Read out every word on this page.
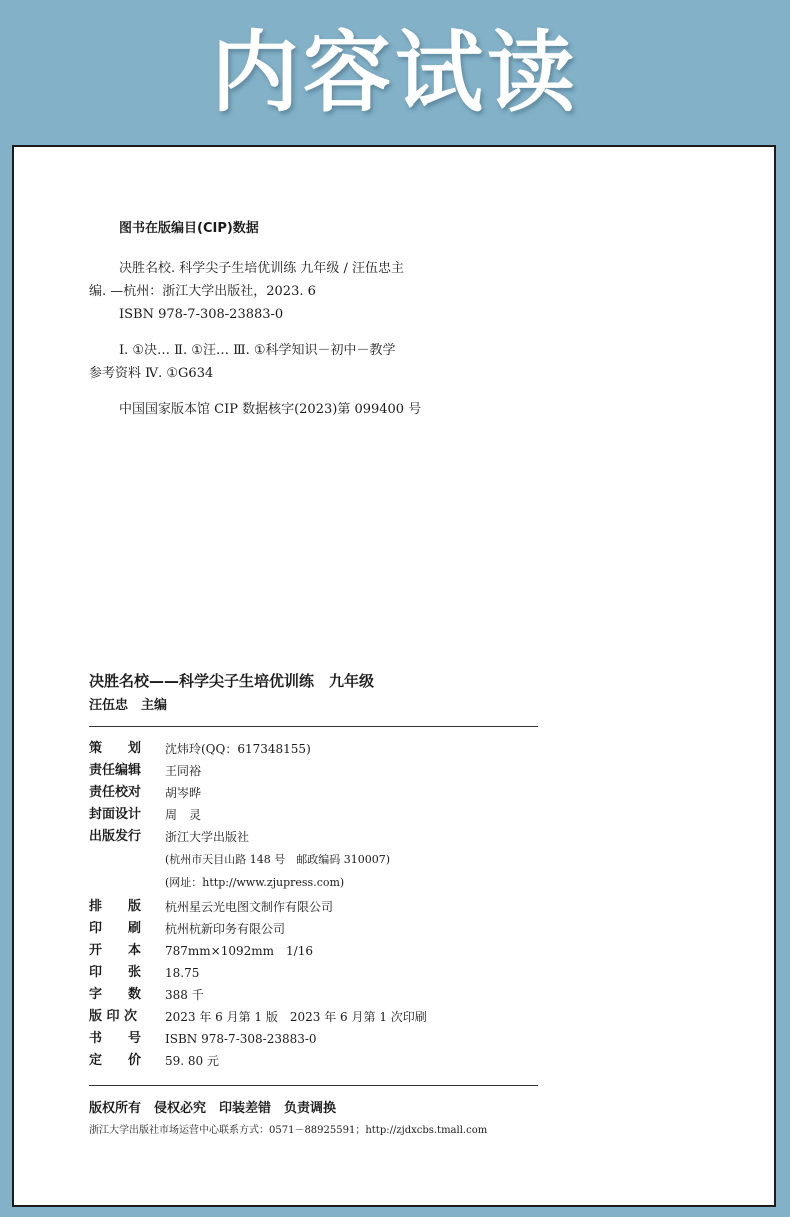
内容试读
图书在版编目(CIP)数据
决胜名校. 科学尖子生培优训练 九年级 / 汪伍忠主
编. —杭州：浙江大学出版社，2023. 6
ISBN 978-7-308-23883-0
Ⅰ. ①决… Ⅱ. ①汪… Ⅲ. ①科学知识－初中－教学
参考资料 Ⅳ. ①G634
中国国家版本馆 CIP 数据核字(2023)第 099400 号
决胜名校——科学尖子生培优训练　九年级
汪伍忠　主编
策　　划 沈炜玲(QQ：617348155)
责任编辑 王同裕
责任校对 胡岑晔
封面设计 周　灵
出版发行 浙江大学出版社
(杭州市天目山路 148 号　邮政编码 310007)
(网址：http://www.zjupress.com)
排　　版 杭州星云光电图文制作有限公司
印　　刷 杭州杭新印务有限公司
开　　本 787mm×1092mm　1/16
印　　张 18.75
字　　数 388 千
版 印 次 2023 年 6 月第 1 版　2023 年 6 月第 1 次印刷
书　　号 ISBN 978-7-308-23883-0
定　　价 59. 80 元
版权所有　侵权必究　印装差错　负责调换
浙江大学出版社市场运营中心联系方式：0571－88925591；http://zjdxcbs.tmall.com
